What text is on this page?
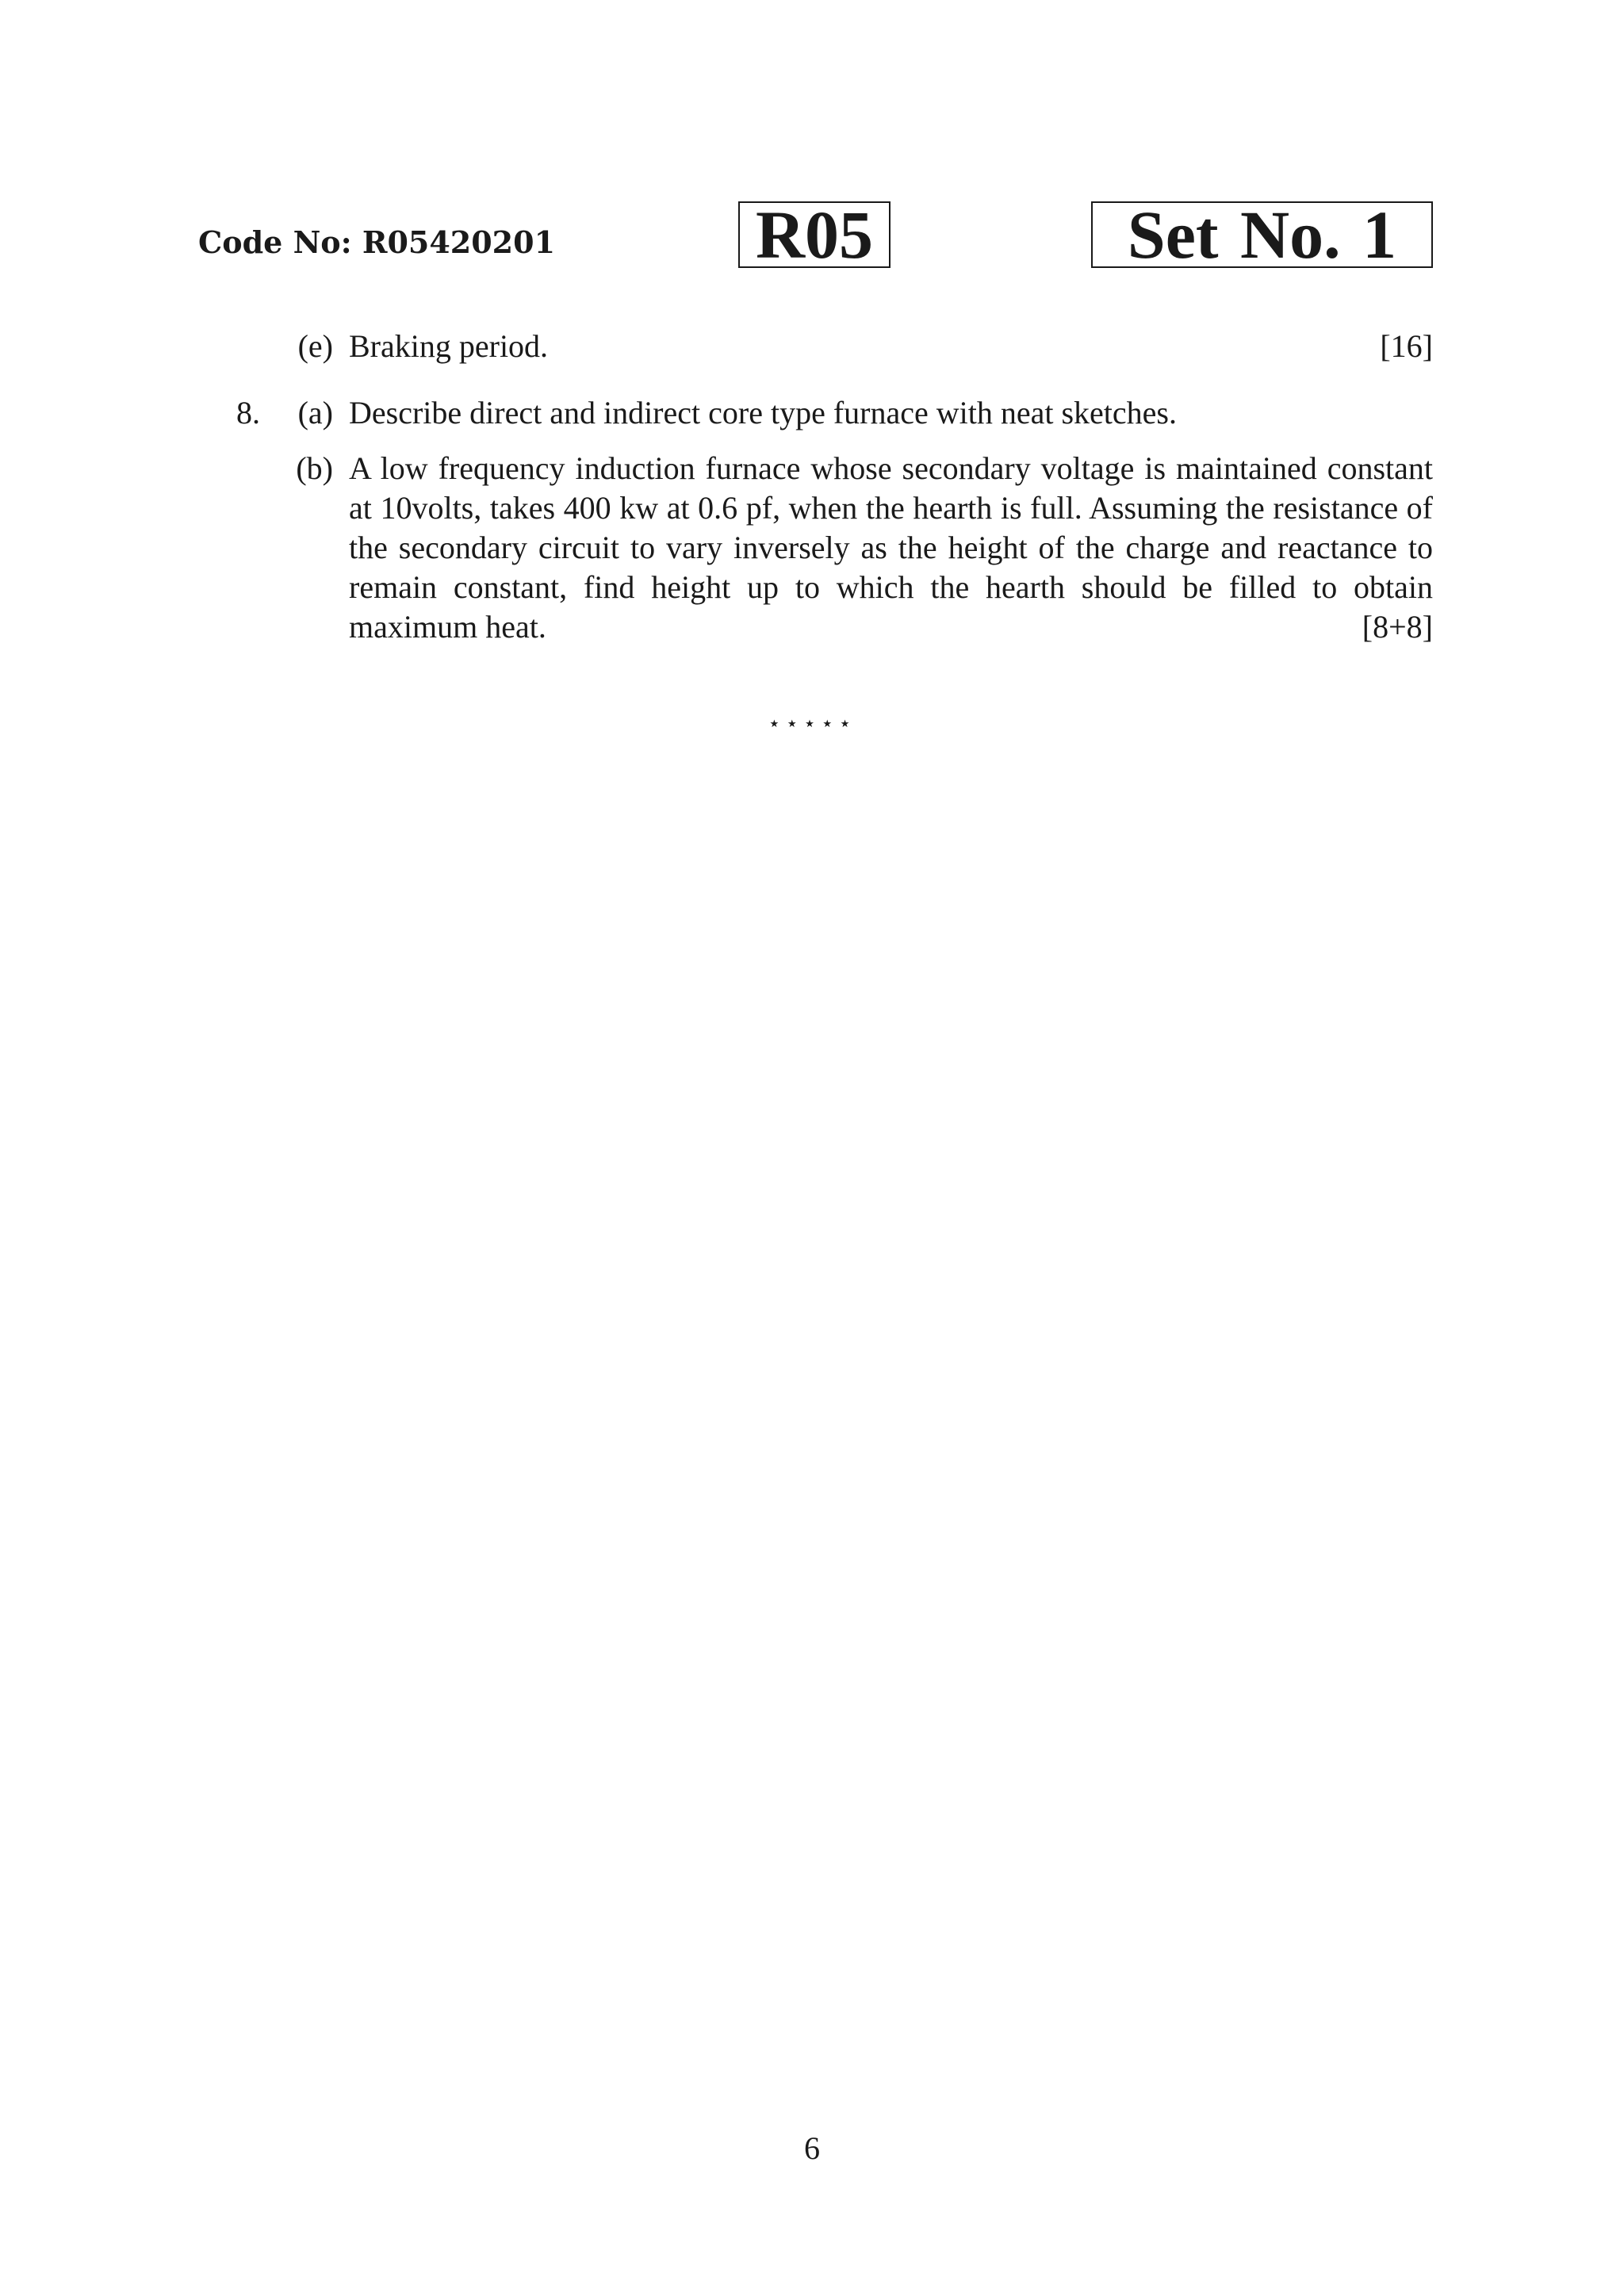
Code No: R05420201	R05	Set No. 1
(e) Braking period.	[16]
8. (a) Describe direct and indirect core type furnace with neat sketches.
(b) A low frequency induction furnace whose secondary voltage is maintained constant at 10volts, takes 400 kw at 0.6 pf, when the hearth is full. Assuming the resistance of the secondary circuit to vary inversely as the height of the charge and reactance to remain constant, find height up to which the hearth should be filled to obtain maximum heat.	[8+8]
⋆⋆⋆⋆⋆
6
